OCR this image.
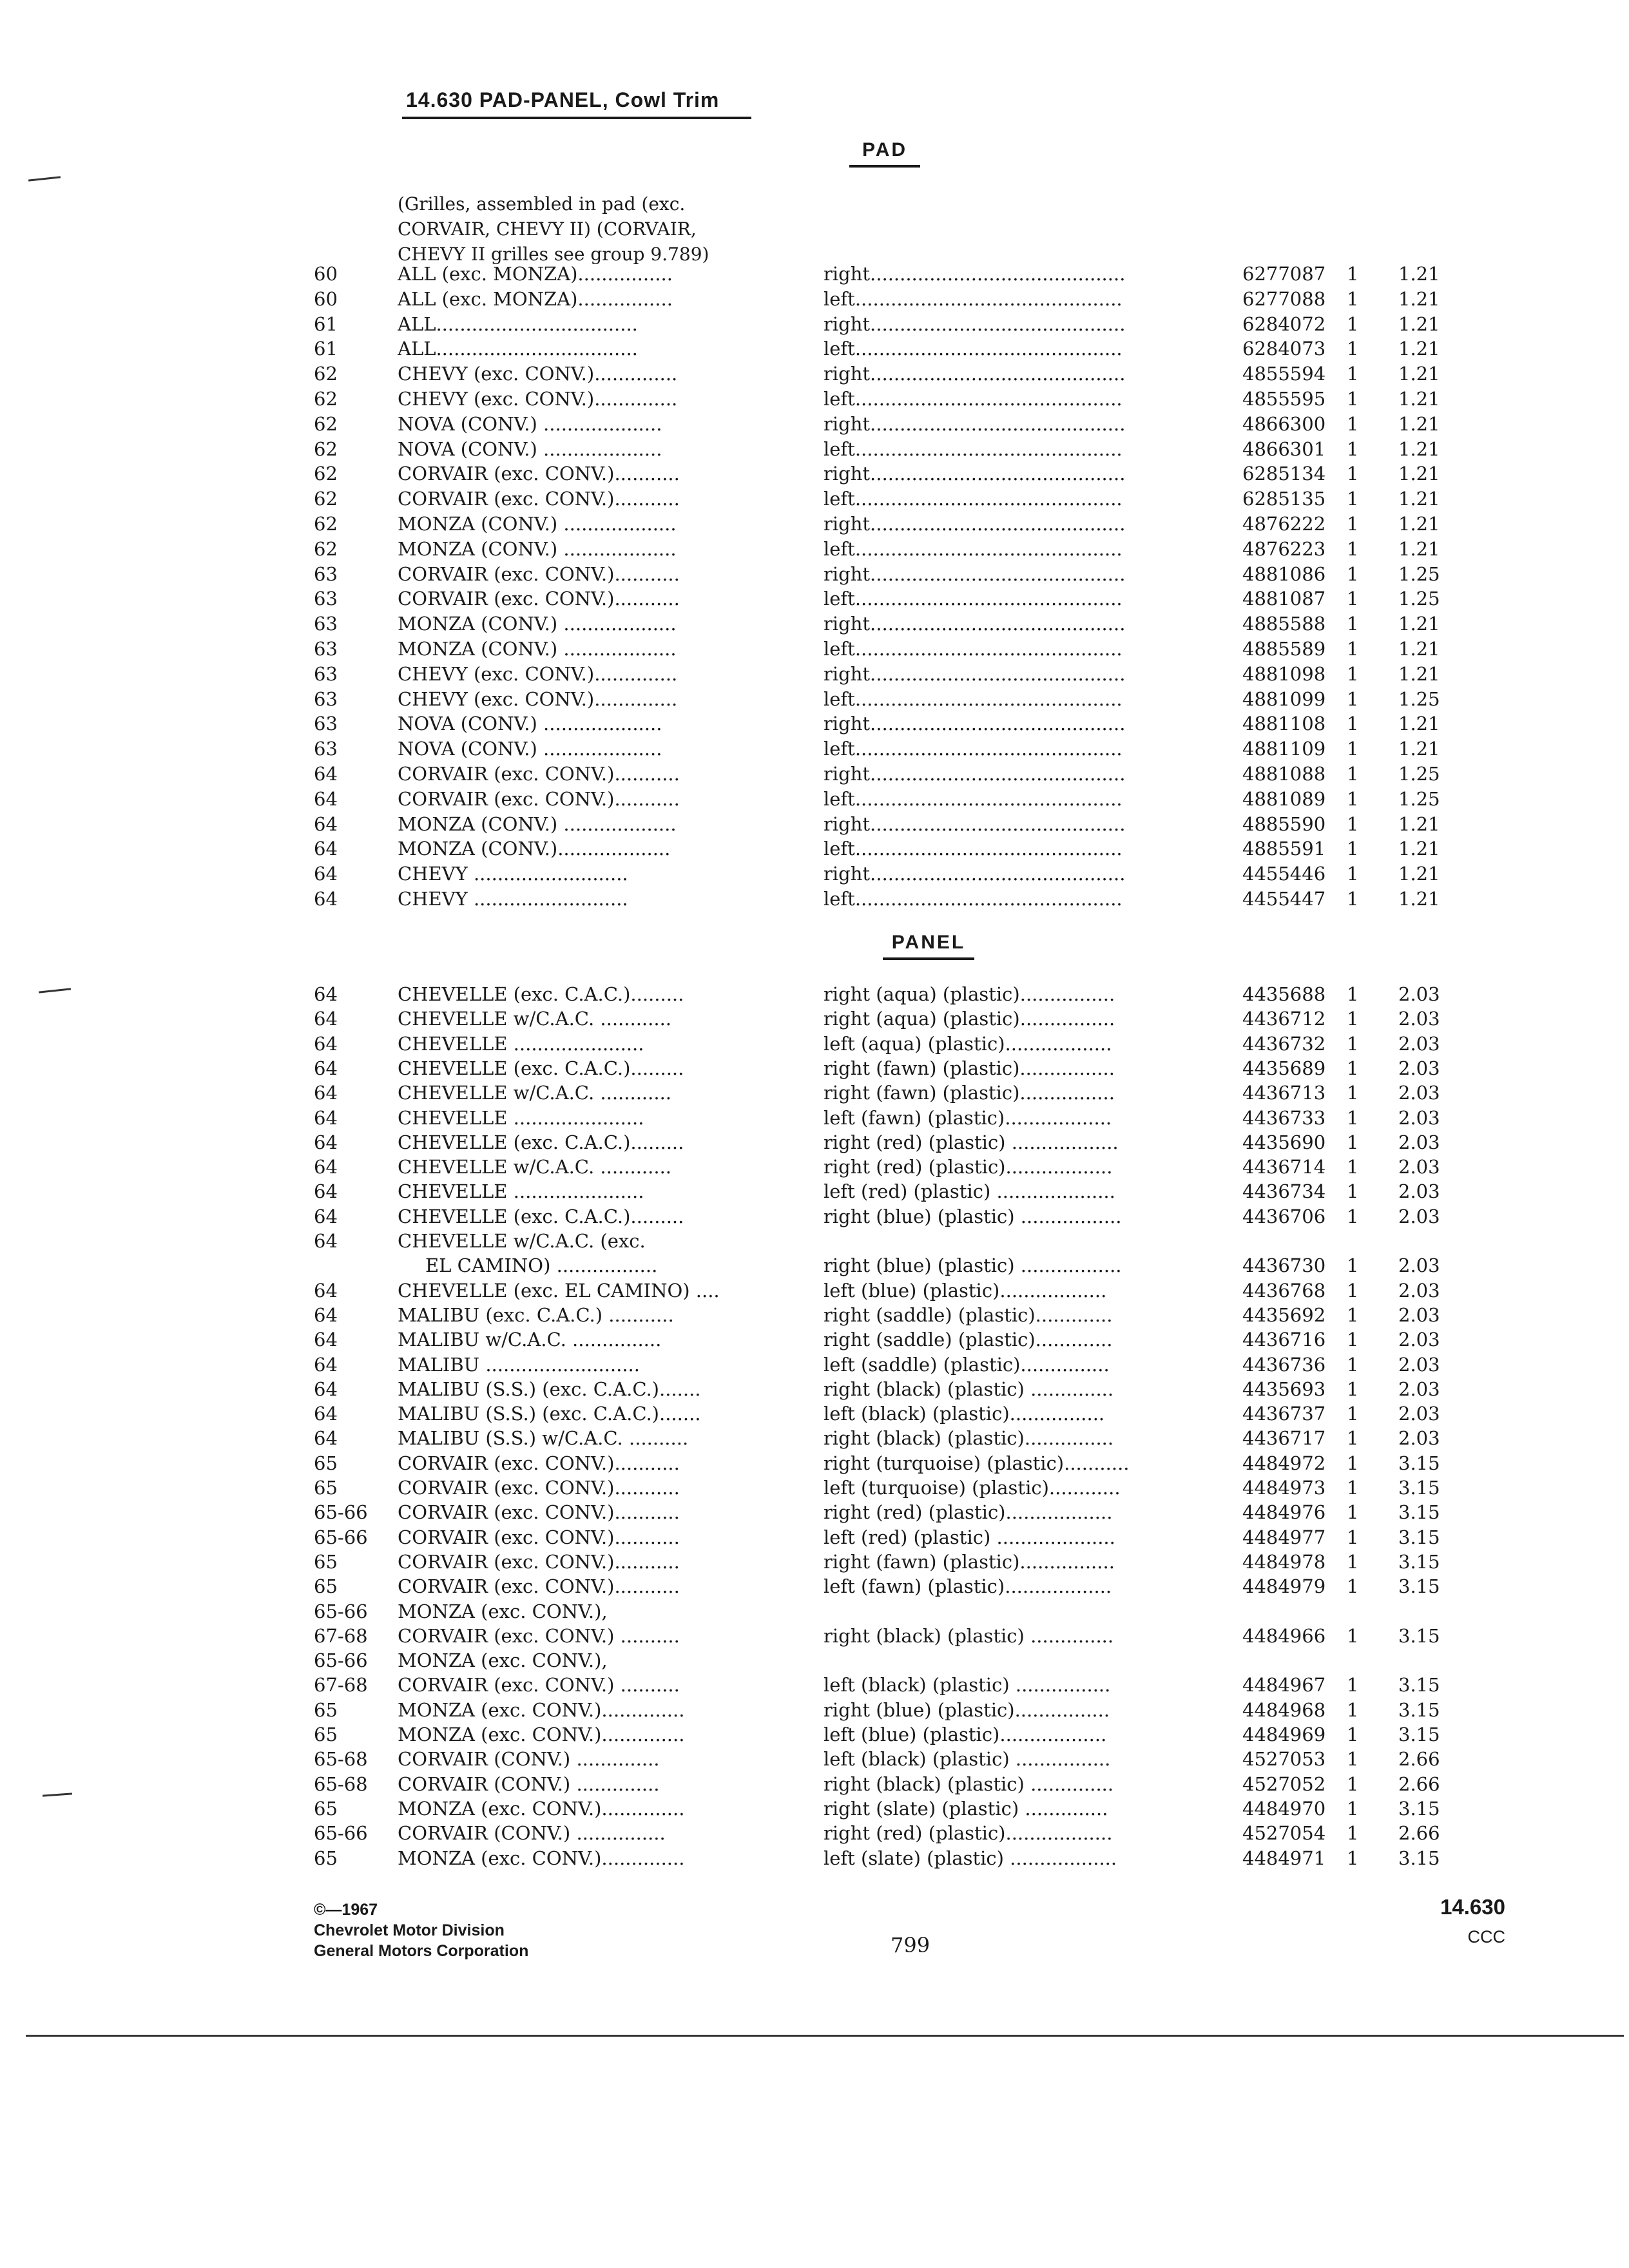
14.630 PAD-PANEL, Cowl Trim
PAD
(Grilles, assembled in pad (exc.
CORVAIR, CHEVY II) (CORVAIR,
CHEVY II grilles see group 9.789)
60	ALL (exc. MONZA)................	right...........................................	6277087 1 1.21
60	ALL (exc. MONZA)................	left.............................................	6277088 1 1.21
61	ALL..................................	right...........................................	6284072 1 1.21
61	ALL..................................	left.............................................	6284073 1 1.21
62	CHEVY (exc. CONV.)..............	right...........................................	4855594 1 1.21
62	CHEVY (exc. CONV.)..............	left.............................................	4855595 1 1.21
62	NOVA (CONV.) ....................	right...........................................	4866300 1 1.21
62	NOVA (CONV.) ....................	left.............................................	4866301 1 1.21
62	CORVAIR (exc. CONV.)...........	right...........................................	6285134 1 1.21
62	CORVAIR (exc. CONV.)...........	left.............................................	6285135 1 1.21
62	MONZA (CONV.) ...................	right...........................................	4876222 1 1.21
62	MONZA (CONV.) ...................	left.............................................	4876223 1 1.21
63	CORVAIR (exc. CONV.)...........	right...........................................	4881086 1 1.25
63	CORVAIR (exc. CONV.)...........	left.............................................	4881087 1 1.25
63	MONZA (CONV.) ...................	right...........................................	4885588 1 1.21
63	MONZA (CONV.) ...................	left.............................................	4885589 1 1.21
63	CHEVY (exc. CONV.)..............	right...........................................	4881098 1 1.21
63	CHEVY (exc. CONV.)..............	left.............................................	4881099 1 1.25
63	NOVA (CONV.) ....................	right...........................................	4881108 1 1.21
63	NOVA (CONV.) ....................	left.............................................	4881109 1 1.21
64	CORVAIR (exc. CONV.)...........	right...........................................	4881088 1 1.25
64	CORVAIR (exc. CONV.)...........	left.............................................	4881089 1 1.25
64	MONZA (CONV.) ...................	right...........................................	4885590 1 1.21
64	MONZA (CONV.)...................	left.............................................	4885591 1 1.21
64	CHEVY ..........................	right...........................................	4455446 1 1.21
64	CHEVY ..........................	left.............................................	4455447 1 1.21
PANEL
64	CHEVELLE (exc. C.A.C.).........	right (aqua) (plastic)................	4435688 1 2.03
64	CHEVELLE w/C.A.C. ............	right (aqua) (plastic)................	4436712 1 2.03
64	CHEVELLE ......................	left (aqua) (plastic)..................	4436732 1 2.03
64	CHEVELLE (exc. C.A.C.).........	right (fawn) (plastic)................	4435689 1 2.03
64	CHEVELLE w/C.A.C. ............	right (fawn) (plastic)................	4436713 1 2.03
64	CHEVELLE ......................	left (fawn) (plastic)..................	4436733 1 2.03
64	CHEVELLE (exc. C.A.C.).........	right (red) (plastic) ..................	4435690 1 2.03
64	CHEVELLE w/C.A.C. ............	right (red) (plastic)..................	4436714 1 2.03
64	CHEVELLE ......................	left (red) (plastic) ....................	4436734 1 2.03
64	CHEVELLE (exc. C.A.C.).........	right (blue) (plastic) .................	4436706 1 2.03
64	CHEVELLE w/C.A.C. (exc.
EL CAMINO) .................	right (blue) (plastic) .................	4436730 1 2.03
64	CHEVELLE (exc. EL CAMINO) ....	left (blue) (plastic)..................	4436768 1 2.03
64	MALIBU (exc. C.A.C.) ...........	right (saddle) (plastic).............	4435692 1 2.03
64	MALIBU w/C.A.C. ...............	right (saddle) (plastic).............	4436716 1 2.03
64	MALIBU ..........................	left (saddle) (plastic)...............	4436736 1 2.03
64	MALIBU (S.S.) (exc. C.A.C.).......	right (black) (plastic) ..............	4435693 1 2.03
64	MALIBU (S.S.) (exc. C.A.C.).......	left (black) (plastic)................	4436737 1 2.03
64	MALIBU (S.S.) w/C.A.C. ..........	right (black) (plastic)...............	4436717 1 2.03
65	CORVAIR (exc. CONV.)...........	right (turquoise) (plastic)...........	4484972 1 3.15
65	CORVAIR (exc. CONV.)...........	left (turquoise) (plastic)............	4484973 1 3.15
65-66 CORVAIR (exc. CONV.)...........	right (red) (plastic)..................	4484976 1 3.15
65-66 CORVAIR (exc. CONV.)...........	left (red) (plastic) ....................	4484977 1 3.15
65	CORVAIR (exc. CONV.)...........	right (fawn) (plastic)................	4484978 1 3.15
65	CORVAIR (exc. CONV.)...........	left (fawn) (plastic)..................	4484979 1 3.15
65-66 MONZA (exc. CONV.),
67-68 CORVAIR (exc. CONV.) ..........	right (black) (plastic) ..............	4484966 1 3.15
65-66 MONZA (exc. CONV.),
67-68 CORVAIR (exc. CONV.) ..........	left (black) (plastic) ................	4484967 1 3.15
65	MONZA (exc. CONV.)..............	right (blue) (plastic)................	4484968 1 3.15
65	MONZA (exc. CONV.)..............	left (blue) (plastic)..................	4484969 1 3.15
65-68 CORVAIR (CONV.) ..............	left (black) (plastic) ................	4527053 1 2.66
65-68 CORVAIR (CONV.) ..............	right (black) (plastic) ..............	4527052 1 2.66
65	MONZA (exc. CONV.)..............	right (slate) (plastic) ..............	4484970 1 3.15
65-66 CORVAIR (CONV.) ...............	right (red) (plastic)..................	4527054 1 2.66
65	MONZA (exc. CONV.)..............	left (slate) (plastic) ..................	4484971 1 3.15
©—1967
Chevrolet Motor Division
General Motors Corporation	799
14.630
CCC
